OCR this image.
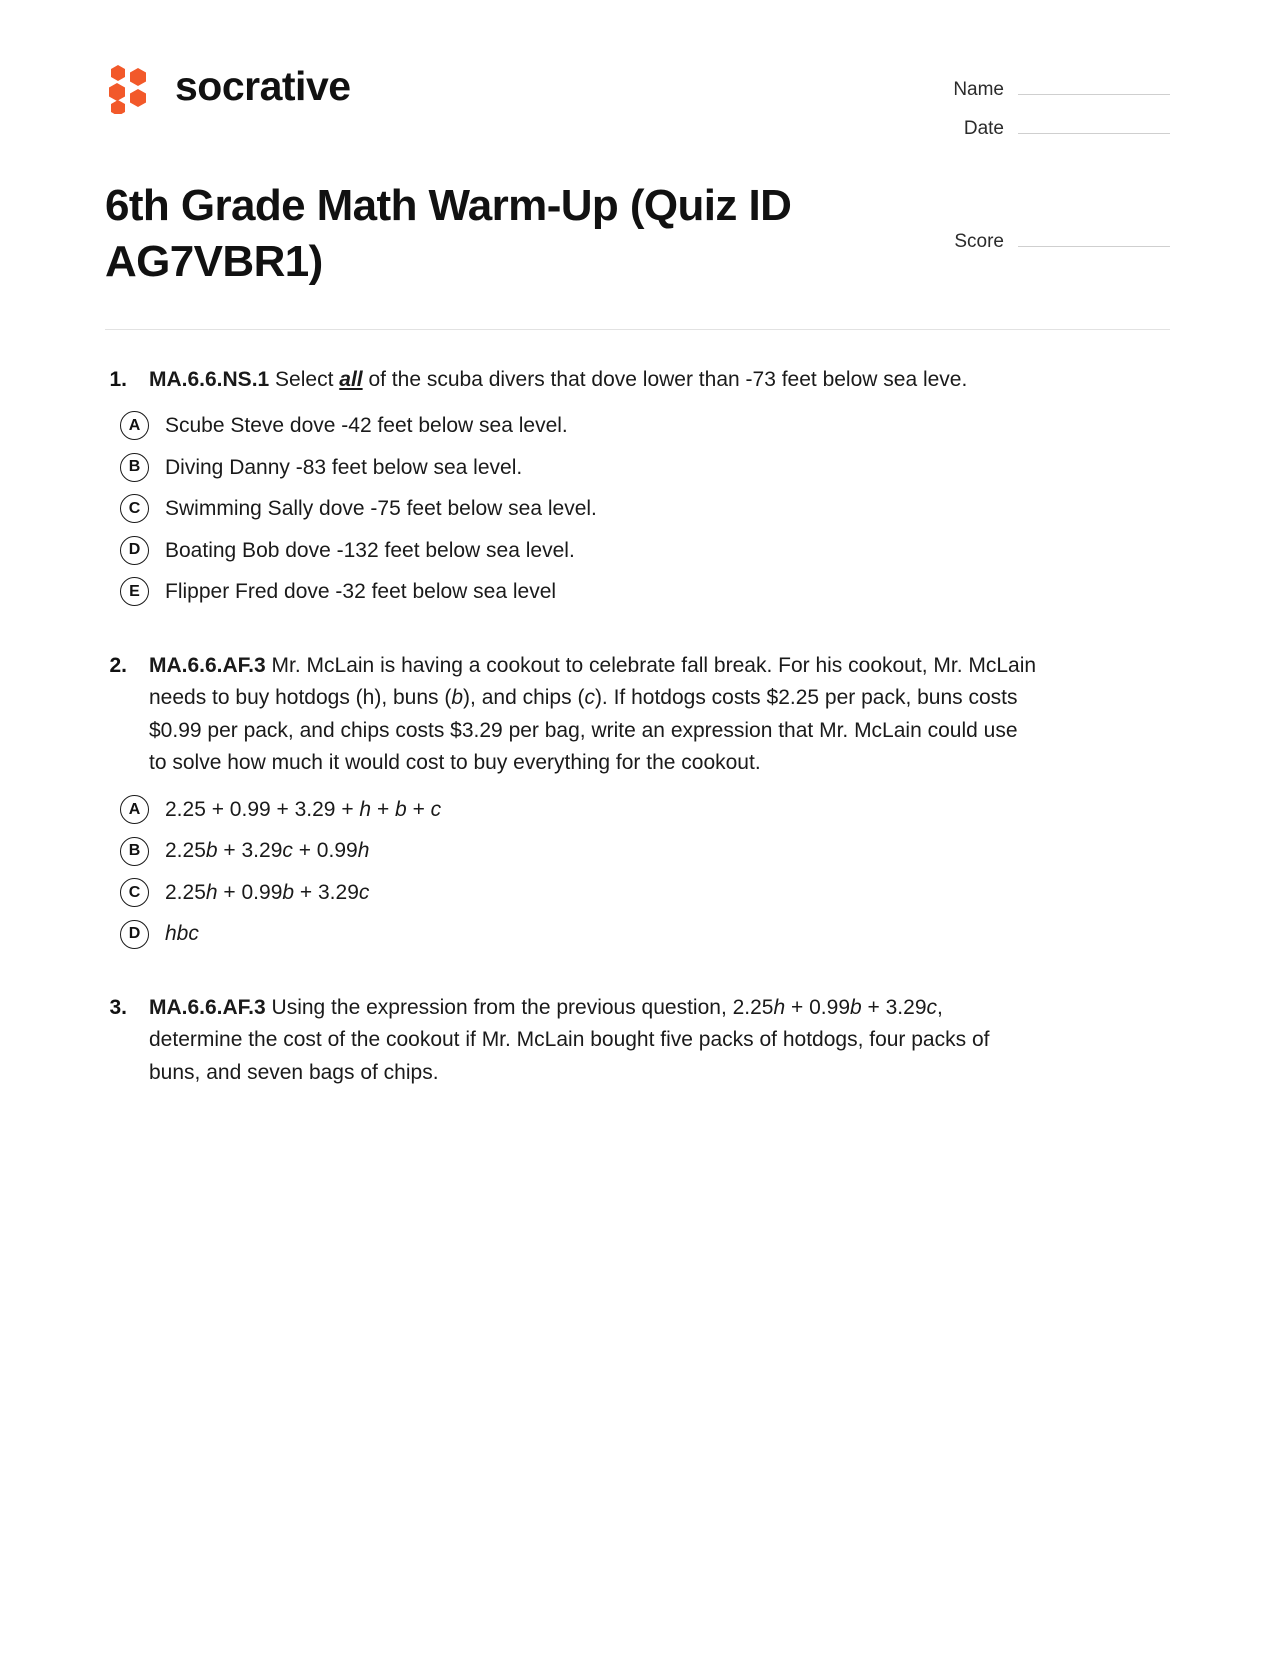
socrative	Name
Date
6th Grade Math Warm-Up (Quiz ID AG7VBR1)	Score
1.	MA.6.6.NS.1 Select all of the scuba divers that dove lower than -73 feet below sea leve.
A	Scube Steve dove -42 feet below sea level.
B	Diving Danny -83 feet below sea level.
C	Swimming Sally dove -75 feet below sea level.
D	Boating Bob dove -132 feet below sea level.
E	Flipper Fred dove -32 feet below sea level
2.	MA.6.6.AF.3 Mr. McLain is having a cookout to celebrate fall break. For his cookout, Mr. McLain needs to buy hotdogs (h), buns (b), and chips (c). If hotdogs costs $2.25 per pack, buns costs $0.99 per pack, and chips costs $3.29 per bag, write an expression that Mr. McLain could use to solve how much it would cost to buy everything for the cookout.
A	2.25 + 0.99 + 3.29 + h + b + c
B	2.25b + 3.29c + 0.99h
C	2.25h + 0.99b + 3.29c
D	hbc
3.	MA.6.6.AF.3 Using the expression from the previous question, 2.25h + 0.99b + 3.29c, determine the cost of the cookout if Mr. McLain bought five packs of hotdogs, four packs of buns, and seven bags of chips.
